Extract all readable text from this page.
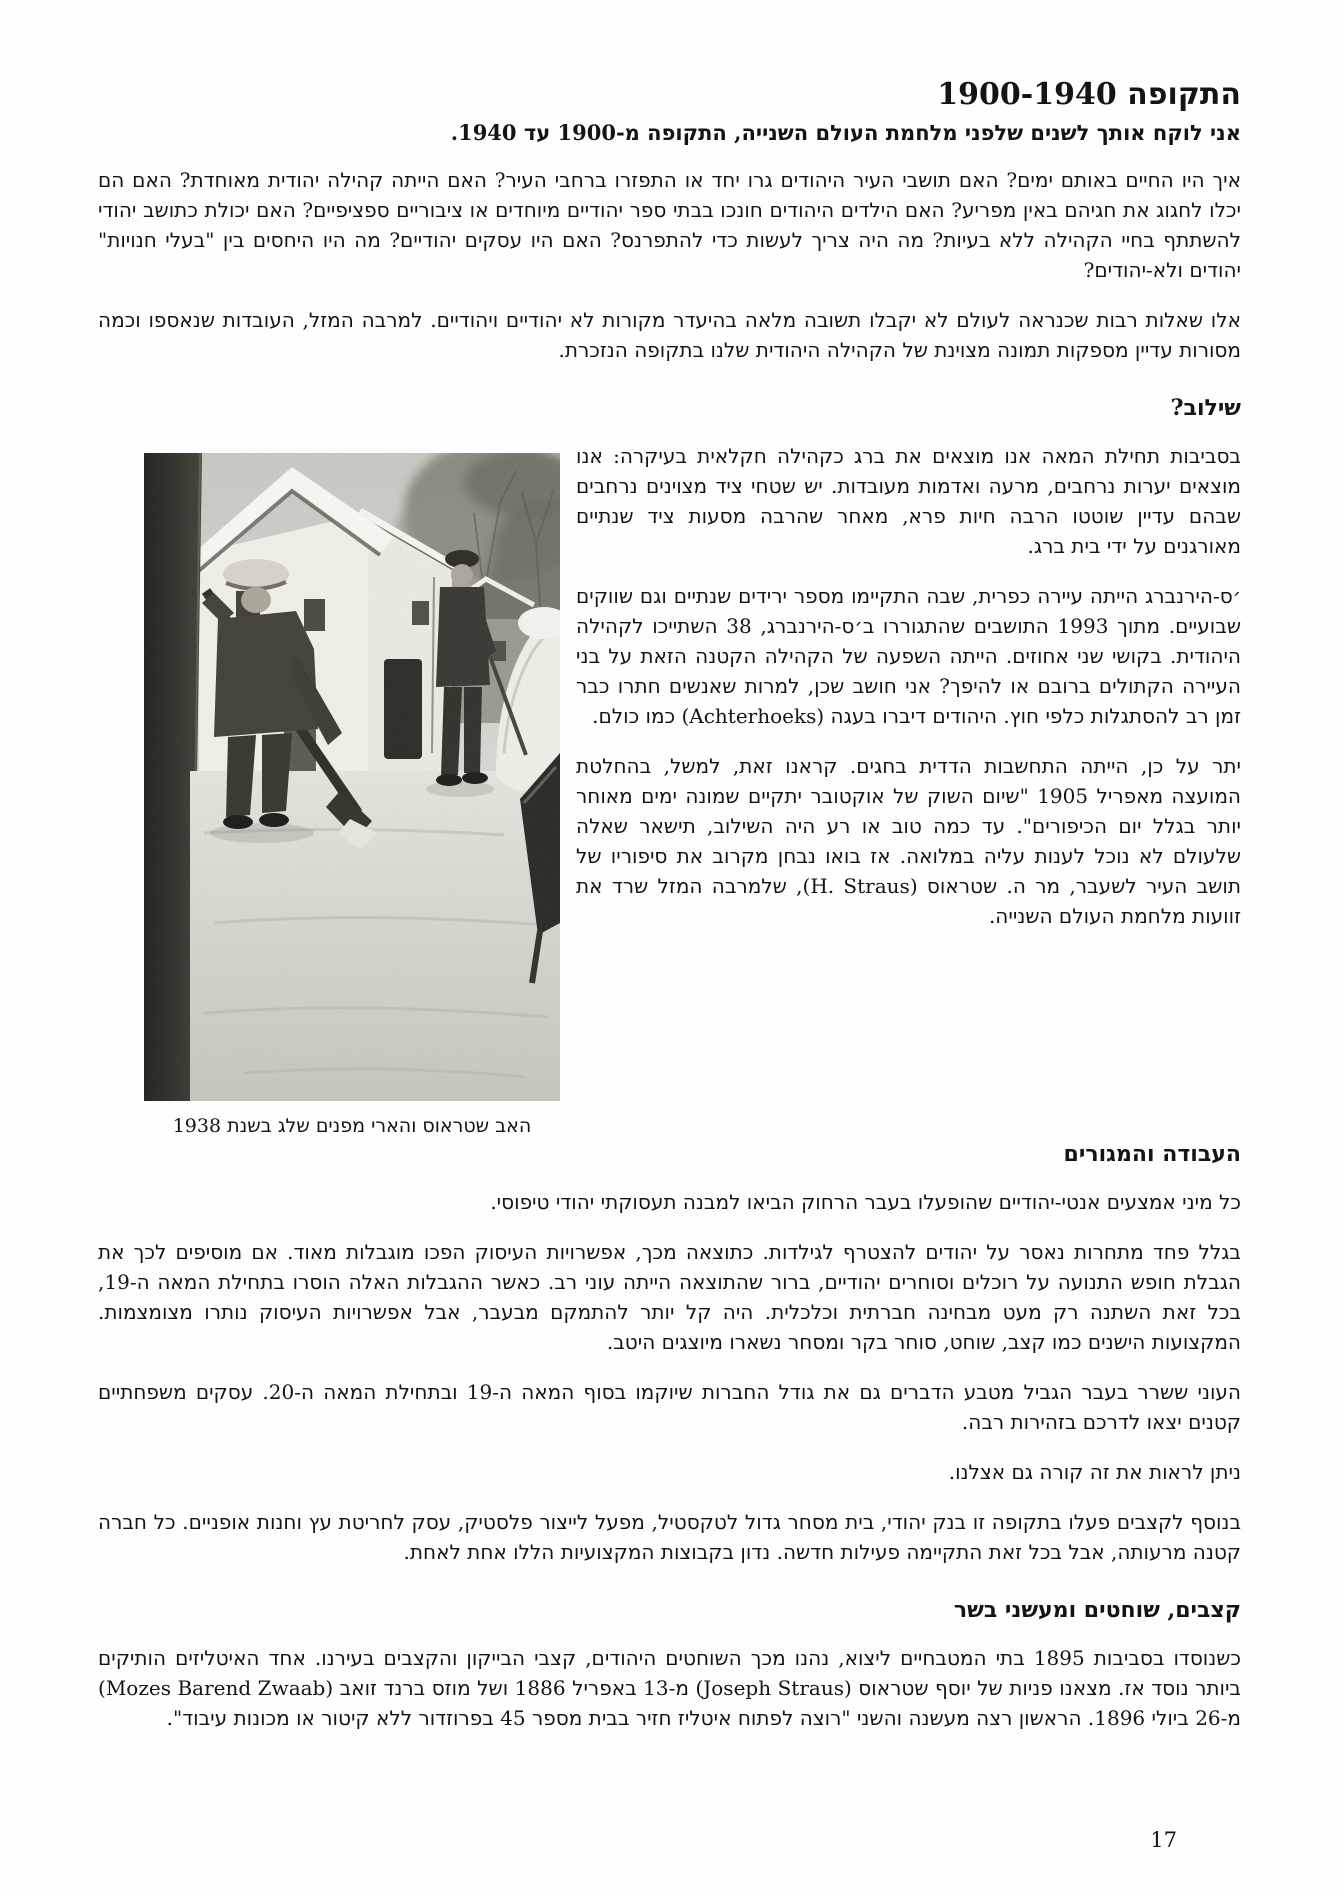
התקופה 1900-1940
אני לוקח אותך לשנים שלפני מלחמת העולם השנייה, התקופה מ-1900 עד 1940.

איך היו החיים באותם ימים? האם תושבי העיר היהודים גרו יחד או התפזרו ברחבי העיר? האם הייתה קהילה יהודית מאוחדת? האם הם יכלו לחגוג את חגיהם באין מפריע? האם הילדים היהודים חונכו בבתי ספר יהודיים מיוחדים או ציבוריים ספציפיים? האם יכולת כתושב יהודי להשתתף בחיי הקהילה ללא בעיות? מה היה צריך לעשות כדי להתפרנס? האם היו עסקים יהודיים? מה היו היחסים בין "בעלי חנויות" יהודים ולא-יהודים?

אלו שאלות רבות שכנראה לעולם לא יקבלו תשובה מלאה בהיעדר מקורות לא יהודיים ויהודיים. למרבה המזל, העובדות שנאספו וכמה מסורות עדיין מספקות תמונה מצוינת של הקהילה היהודית שלנו בתקופה הנזכרת.

שילוב?
האב שטראוס והארי מפנים שלג בשנת 1938

בסביבות תחילת המאה אנו מוצאים את ברג כקהילה חקלאית בעיקרה: אנו מוצאים יערות נרחבים, מרעה ואדמות מעובדות. יש שטחי ציד מצוינים נרחבים שבהם עדיין שוטטו הרבה חיות פרא, מאחר שהרבה מסעות ציד שנתיים מאורגנים על ידי בית ברג.

׳ס-הירנברג הייתה עיירה כפרית, שבה התקיימו מספר ירידים שנתיים וגם שווקים שבועיים. מתוך 1993 התושבים שהתגוררו ב׳ס-הירנברג, 38 השתייכו לקהילה היהודית. בקושי שני אחוזים. הייתה השפעה של הקהילה הקטנה הזאת על בני העיירה הקתולים ברובם או להיפך? אני חושב שכן, למרות שאנשים חתרו כבר זמן רב להסתגלות כלפי חוץ. היהודים דיברו בעגה (Achterhoeks) כמו כולם.

יתר על כן, הייתה התחשבות הדדית בחגים. קראנו זאת, למשל, בהחלטת המועצה מאפריל 1905 "שיום השוק של אוקטובר יתקיים שמונה ימים מאוחר יותר בגלל יום הכיפורים". עד כמה טוב או רע היה השילוב, תישאר שאלה שלעולם לא נוכל לענות עליה במלואה. אז בואו נבחן מקרוב את סיפוריו של תושב העיר לשעבר, מר ה. שטראוס (H. Straus), שלמרבה המזל שרד את זוועות מלחמת העולם השנייה.

העבודה והמגורים

כל מיני אמצעים אנטי-יהודיים שהופעלו בעבר הרחוק הביאו למבנה תעסוקתי יהודי טיפוסי.

בגלל פחד מתחרות נאסר על יהודים להצטרף לגילדות. כתוצאה מכך, אפשרויות העיסוק הפכו מוגבלות מאוד. אם מוסיפים לכך את הגבלת חופש התנועה על רוכלים וסוחרים יהודיים, ברור שהתוצאה הייתה עוני רב. כאשר ההגבלות האלה הוסרו בתחילת המאה ה-19, בכל זאת השתנה רק מעט מבחינה חברתית וכלכלית. היה קל יותר להתמקם מבעבר, אבל אפשרויות העיסוק נותרו מצומצמות. המקצועות הישנים כמו קצב, שוחט, סוחר בקר ומסחר נשארו מיוצגים היטב.

העוני ששרר בעבר הגביל מטבע הדברים גם את גודל החברות שיוקמו בסוף המאה ה-19 ובתחילת המאה ה-20. עסקים משפחתיים קטנים יצאו לדרכם בזהירות רבה.

ניתן לראות את זה קורה גם אצלנו.

בנוסף לקצבים פעלו בתקופה זו בנק יהודי, בית מסחר גדול לטקסטיל, מפעל לייצור פלסטיק, עסק לחריטת עץ וחנות אופניים. כל חברה קטנה מרעותה, אבל בכל זאת התקיימה פעילות חדשה. נדון בקבוצות המקצועיות הללו אחת לאחת.

קצבים, שוחטים ומעשני בשר

כשנוסדו בסביבות 1895 בתי המטבחיים ליצוא, נהנו מכך השוחטים היהודים, קצבי הבייקון והקצבים בעירנו. אחד האיטליזים הותיקים ביותר נוסד אז. מצאנו פניות של יוסף שטראוס (Joseph Straus) מ-13 באפריל 1886 ושל מוזס ברנד זואב (Mozes Barend Zwaab) מ-26 ביולי 1896. הראשון רצה מעשנה והשני "רוצה לפתוח איטליז חזיר בבית מספר 45 בפרוזדור ללא קיטור או מכונות עיבוד".

17
